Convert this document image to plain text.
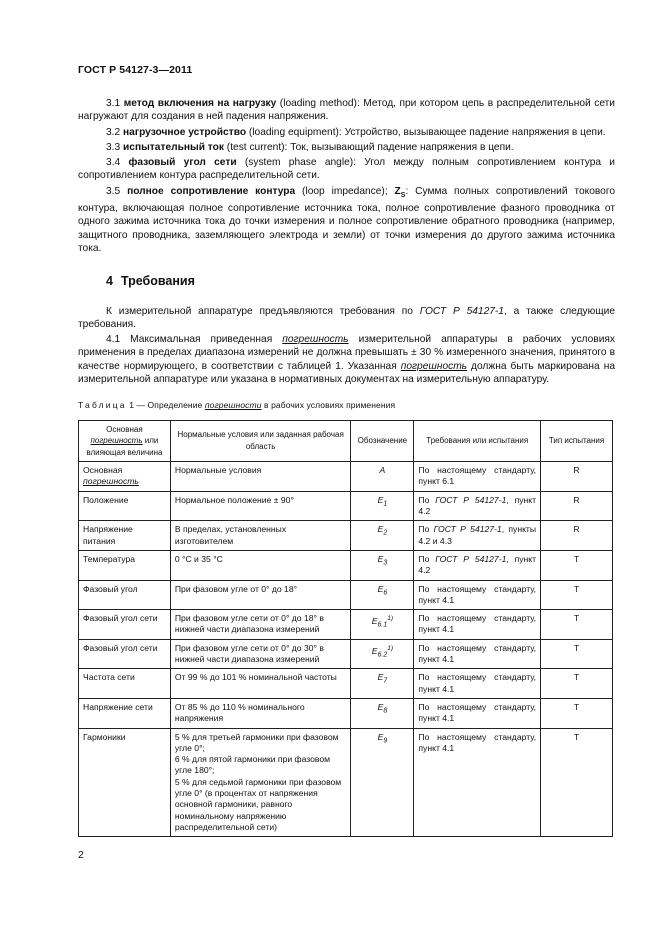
ГОСТ Р 54127-3—2011

3.1 метод включения на нагрузку (loading method): Метод, при котором цепь в распределительной сети нагружают для создания в ней падения напряжения.

3.2 нагрузочное устройство (loading equipment): Устройство, вызывающее падение напряжения в цепи.

3.3 испытательный ток (test current): Ток, вызывающий падение напряжения в цепи.

3.4 фазовый угол сети (system phase angle): Угол между полным сопротивлением контура и сопротивлением контура распределительной сети.

3.5 полное сопротивление контура (loop impedance); $Z_S$: Сумма полных сопротивлений токового контура, включающая полное сопротивление источника тока, полное сопротивление фазного проводника от одного зажима источника тока до точки измерения и полное сопротивление обратного проводника (например, защитного проводника, заземляющего электрода и земли) от точки измерения до другого зажима источника тока.

4 Требования

К измерительной аппаратуре предъявляются требования по ГОСТ Р 54127-1, а также следующие требования.

4.1 Максимальная приведенная погрешность измерительной аппаратуры в рабочих условиях применения в пределах диапазона измерений не должна превышать ± 30 % измеренного значения, принятого в качестве нормирующего, в соответствии с таблицей 1. Указанная погрешность должна быть маркирована на измерительной аппаратуре или указана в нормативных документах на измерительную аппаратуру.

Таблица 1 — Определение погрешности в рабочих условиях применения
Основная
погрешность или влияющая величина	Нормальные условия или заданная рабочая область	Обозначение	Требования или испытания	Тип испытания
Основная
погрешность	Нормальные условия	A	По настоящему стандарту, пункт 6.1	R
Положение	Нормальное положение ± 90°	$E_1$	По ГОСТ Р 54127-1, пункт 4.2	R
Напряжение питания	В пределах, установленных изготовителем	$E_2$	По ГОСТ Р 54127-1, пункты 4.2 и 4.3	R
Температура	0 °С и 35 °С	$E_3$	По ГОСТ Р 54127-1, пункт 4.2	T
Фазовый угол	При фазовом угле от 0° до 18°	$E_6$	По настоящему стандарту, пункт 4.1	T
Фазовый угол сети	При фазовом угле сети от 0° до 18° в нижней части диапазона измерений	$E_{6.1}^{1)}$	По настоящему стандарту, пункт 4.1	T
Фазовый угол сети	При фазовом угле сети от 0° до 30° в нижней части диапазона измерений	$E_{6.2}^{1)}$	По настоящему стандарту, пункт 4.1	T
Частота сети	От 99 % до 101 % номинальной частоты	$E_7$	По настоящему стандарту, пункт 4.1	T
Напряжение сети	От 85 % до 110 % номинального напряжения	$E_8$	По настоящему стандарту, пункт 4.1	T
Гармоники	5 % для третьей гармоники при фазовом угле 0°;
6 % для пятой гармоники при фазовом угле 180°;
5 % для седьмой гармоники при фазовом угле 0° (в процентах от напряжения основной гармоники, равного номинальному напряжению распределительной сети)	$E_9$	По настоящему стандарту, пункт 4.1	T
2
